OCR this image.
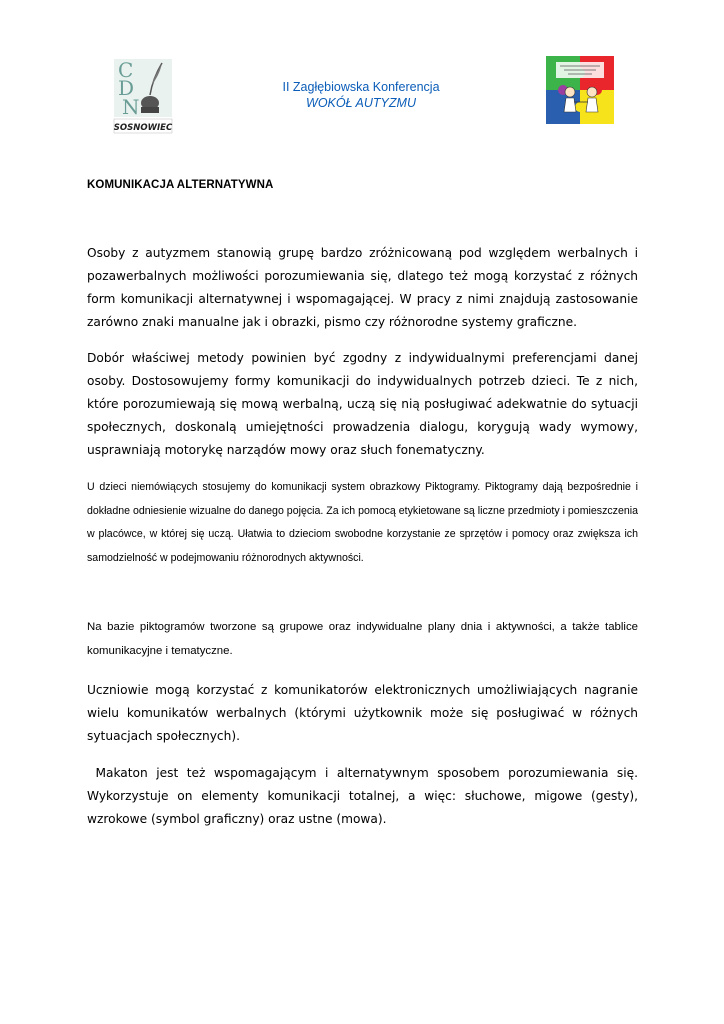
C
D
N
SOSNOWIEC
II Zagłębiowska Konferencja
WOKÓŁ AUTYZMU
KOMUNIKACJA ALTERNATYWNA

Osoby z autyzmem stanowią grupę bardzo zróżnicowaną pod względem werbalnych i pozawerbalnych możliwości porozumiewania się, dlatego też mogą korzystać z różnych form komunikacji alternatywnej i wspomagającej. W pracy z nimi znajdują zastosowanie zarówno znaki manualne jak i obrazki, pismo czy różnorodne systemy graficzne.

Dobór właściwej metody powinien być zgodny z indywidualnymi preferencjami danej osoby. Dostosowujemy formy komunikacji do indywidualnych potrzeb dzieci. Te z nich, które porozumiewają się mową werbalną, uczą się nią posługiwać adekwatnie do sytuacji społecznych, doskonalą umiejętności prowadzenia dialogu, korygują wady wymowy, usprawniają motorykę narządów mowy oraz słuch fonematyczny.

U dzieci niemówiących stosujemy do komunikacji system obrazkowy Piktogramy. Piktogramy dają bezpośrednie i dokładne odniesienie wizualne do danego pojęcia. Za ich pomocą etykietowane są liczne przedmioty i pomieszczenia w placówce, w której się uczą. Ułatwia to dzieciom swobodne korzystanie ze sprzętów i pomocy oraz zwiększa ich samodzielność w podejmowaniu różnorodnych aktywności.

Na bazie piktogramów tworzone są grupowe oraz indywidualne plany dnia i aktywności, a także tablice komunikacyjne i tematyczne.

Uczniowie mogą korzystać z komunikatorów elektronicznych umożliwiających nagranie wielu komunikatów werbalnych (którymi użytkownik może się posługiwać w różnych sytuacjach społecznych).

Makaton jest też wspomagającym i alternatywnym sposobem porozumiewania się. Wykorzystuje on elementy komunikacji totalnej, a więc: słuchowe, migowe (gesty), wzrokowe (symbol graficzny) oraz ustne (mowa).
